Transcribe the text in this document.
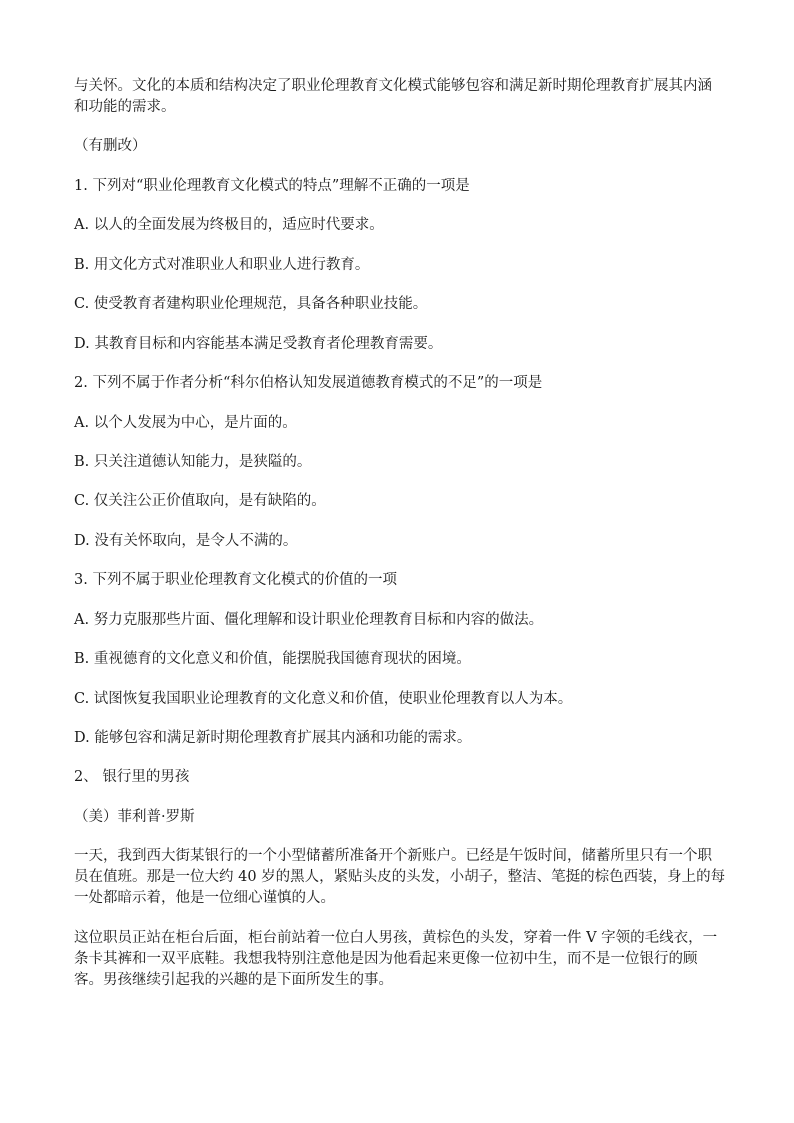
与关怀。文化的本质和结构决定了职业伦理教育文化模式能够包容和满足新时期伦理教育扩展其内涵和功能的需求。
（有删改）
1. 下列对“职业伦理教育文化模式的特点”理解不正确的一项是
A. 以人的全面发展为终极目的，适应时代要求。
B. 用文化方式对准职业人和职业人进行教育。
C. 使受教育者建构职业伦理规范，具备各种职业技能。
D. 其教育目标和内容能基本满足受教育者伦理教育需要。
2. 下列不属于作者分析“科尔伯格认知发展道德教育模式的不足”的一项是
A. 以个人发展为中心，是片面的。
B. 只关注道德认知能力，是狭隘的。
C. 仅关注公正价值取向，是有缺陷的。
D. 没有关怀取向，是令人不满的。
3. 下列不属于职业伦理教育文化模式的价值的一项
A. 努力克服那些片面、僵化理解和设计职业伦理教育目标和内容的做法。
B. 重视德育的文化意义和价值，能摆脱我国德育现状的困境。
C. 试图恢复我国职业论理教育的文化意义和价值，使职业伦理教育以人为本。
D. 能够包容和满足新时期伦理教育扩展其内涵和功能的需求。
2、 银行里的男孩
（美）菲利普·罗斯
一天，我到西大街某银行的一个小型储蓄所准备开个新账户。已经是午饭时间，储蓄所里只有一个职员在值班。那是一位大约 40 岁的黑人，紧贴头皮的头发，小胡子，整洁、笔挺的棕色西装，身上的每一处都暗示着，他是一位细心谨慎的人。
这位职员正站在柜台后面，柜台前站着一位白人男孩，黄棕色的头发，穿着一件 V 字领的毛线衣，一条卡其裤和一双平底鞋。我想我特别注意他是因为他看起来更像一位初中生，而不是一位银行的顾客。男孩继续引起我的兴趣的是下面所发生的事。
